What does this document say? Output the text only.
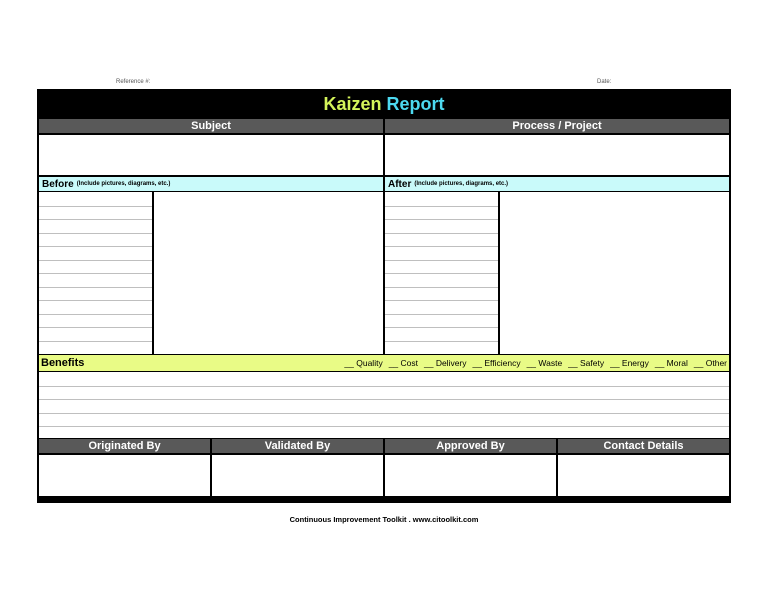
Reference #:	Date:
Kaizen Report
Subject	Process / Project
Before (Include pictures, diagrams, etc.)	After (Include pictures, diagrams, etc.)
Benefits	__ Quality __ Cost __ Delivery __ Efficiency __ Waste __ Safety __ Energy __ Moral __ Other
Originated By	Validated By	Approved By	Contact Details
Continuous Improvement Toolkit . www.citoolkit.com
